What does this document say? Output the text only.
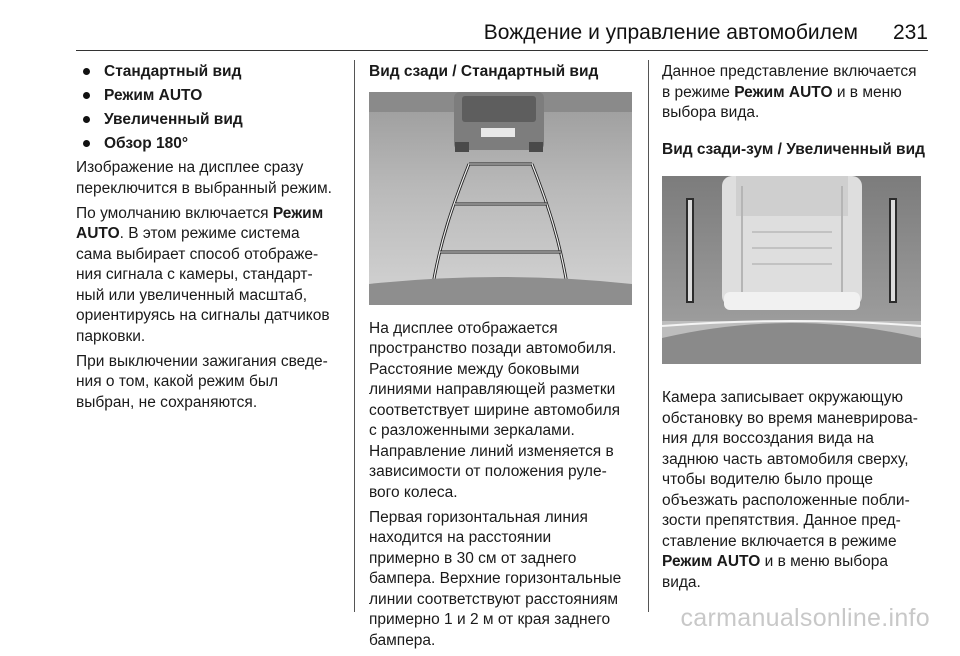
Вождение и управление автомобилем 231
Стандартный вид
Режим AUTO
Увеличенный вид
Обзор 180°

Изображение на дисплее сразу
переключится в выбранный режим.

По умолчанию включается Режим
AUTO. В этом режиме система
сама выбирает способ отображе-
ния сигнала с камеры, стандарт-
ный или увеличенный масштаб,
ориентируясь на сигналы датчиков
парковки.

При выключении зажигания сведе-
ния о том, какой режим был
выбран, не сохраняются.

Вид сзади / Стандартный вид

На дисплее отображается
пространство позади автомобиля.
Расстояние между боковыми
линиями направляющей разметки
соответствует ширине автомобиля
с разложенными зеркалами.
Направление линий изменяется в
зависимости от положения руле-
вого колеса.

Первая горизонтальная линия
находится на расстоянии
примерно в 30 см от заднего
бампера. Верхние горизонтальные
линии соответствуют расстояниям
примерно 1 и 2 м от края заднего
бампера.

Данное представление включается
в режиме Режим AUTO и в меню
выбора вида.

Вид сзади-зум / Увеличенный вид

Камера записывает окружающую
обстановку во время маневрирова-
ния для воссоздания вида на
заднюю часть автомобиля сверху,
чтобы водителю было проще
объезжать расположенные побли-
зости препятствия. Данное пред-
ставление включается в режиме
Режим AUTO и в меню выбора
вида.

carmanualsonline.info
